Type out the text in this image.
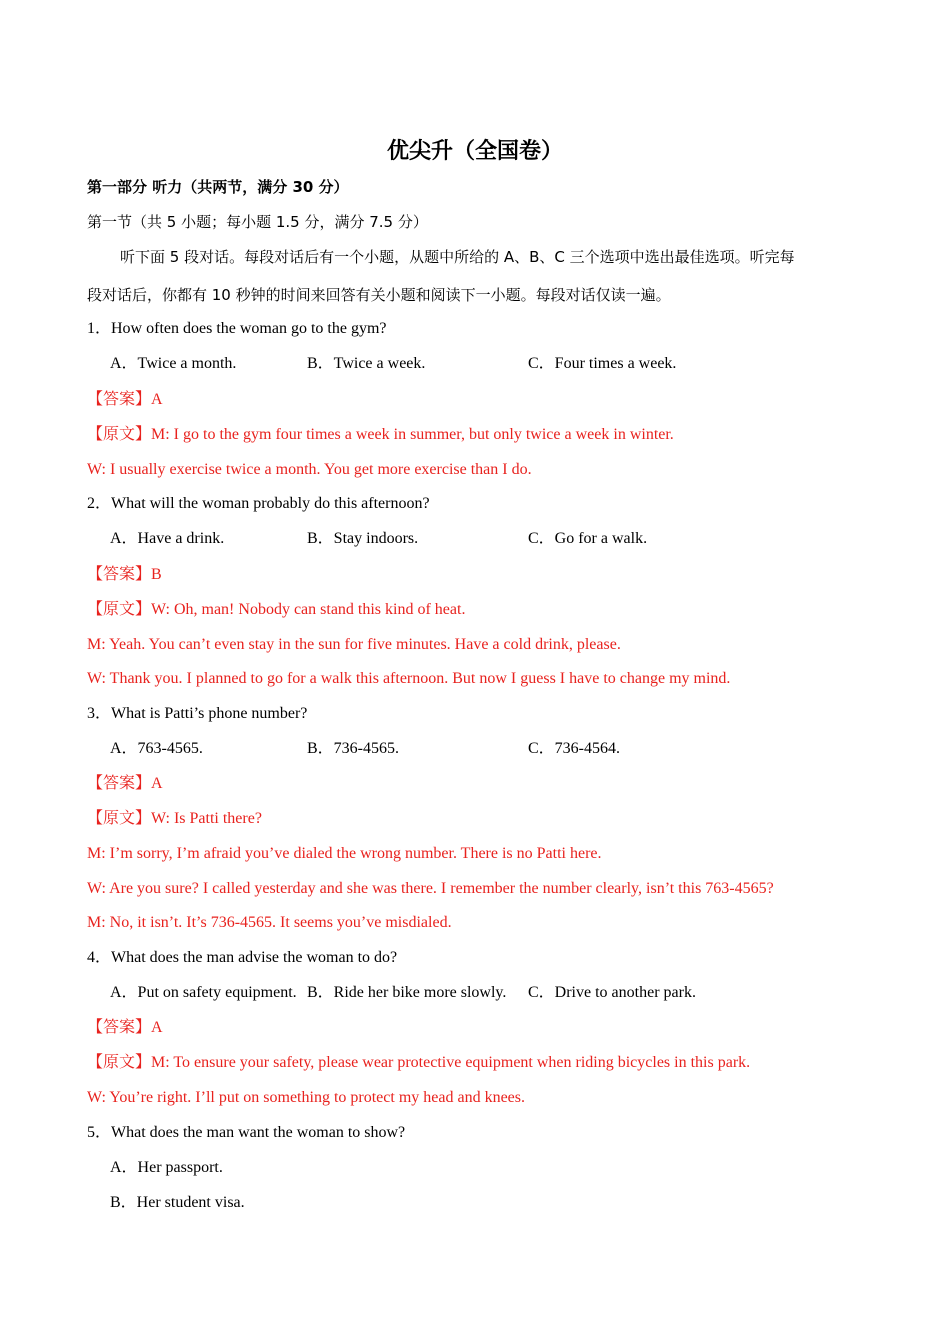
优尖升（全国卷）
第一部分 听力（共两节，满分 30 分）
第一节（共 5 小题；每小题 1.5 分，满分 7.5 分）
听下面 5 段对话。每段对话后有一个小题，从题中所给的 A、B、C 三个选项中选出最佳选项。听完每
段对话后，你都有 10 秒钟的时间来回答有关小题和阅读下一小题。每段对话仅读一遍。
1．How often does the woman go to the gym?
A．Twice a month.	B．Twice a week.	C．Four times a week.
【答案】A
【原文】M: I go to the gym four times a week in summer, but only twice a week in winter.
W: I usually exercise twice a month. You get more exercise than I do.
2．What will the woman probably do this afternoon?
A．Have a drink.	B．Stay indoors.	C．Go for a walk.
【答案】B
【原文】W: Oh, man! Nobody can stand this kind of heat.
M: Yeah. You can’t even stay in the sun for five minutes. Have a cold drink, please.
W: Thank you. I planned to go for a walk this afternoon. But now I guess I have to change my mind.
3．What is Patti’s phone number?
A．763-4565.	B．736-4565.	C．736-4564.
【答案】A
【原文】W: Is Patti there?
M: I’m sorry, I’m afraid you’ve dialed the wrong number. There is no Patti here.
W: Are you sure? I called yesterday and she was there. I remember the number clearly, isn’t this 763-4565?
M: No, it isn’t. It’s 736-4565. It seems you’ve misdialed.
4．What does the man advise the woman to do?
A．Put on safety equipment. B．Ride her bike more slowly. C．Drive to another park.
【答案】A
【原文】M: To ensure your safety, please wear protective equipment when riding bicycles in this park.
W: You’re right. I’ll put on something to protect my head and knees.
5．What does the man want the woman to show?
A．Her passport.
B．Her student visa.
